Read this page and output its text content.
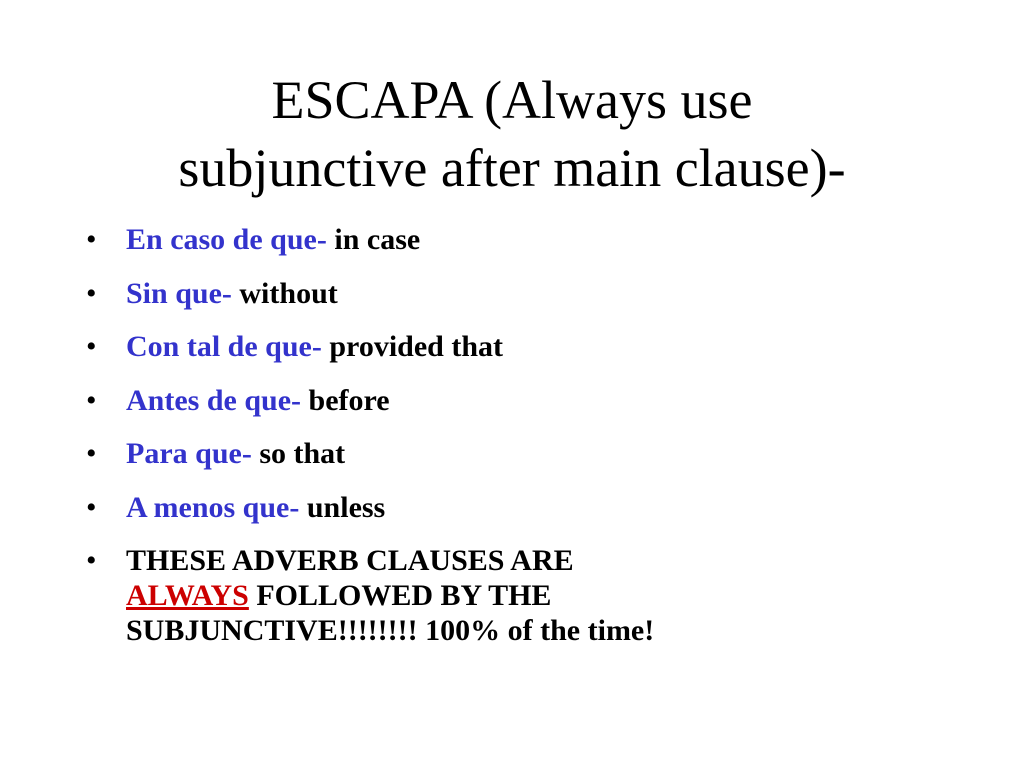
ESCAPA (Always use
subjunctive after main clause)-
• En caso de que- in case
• Sin que- without
• Con tal de que- provided that
• Antes de que- before
• Para que- so that
• A menos que- unless
• THESE ADVERB CLAUSES ARE
ALWAYS FOLLOWED BY THE
SUBJUNCTIVE!!!!!!!! 100% of the time!
